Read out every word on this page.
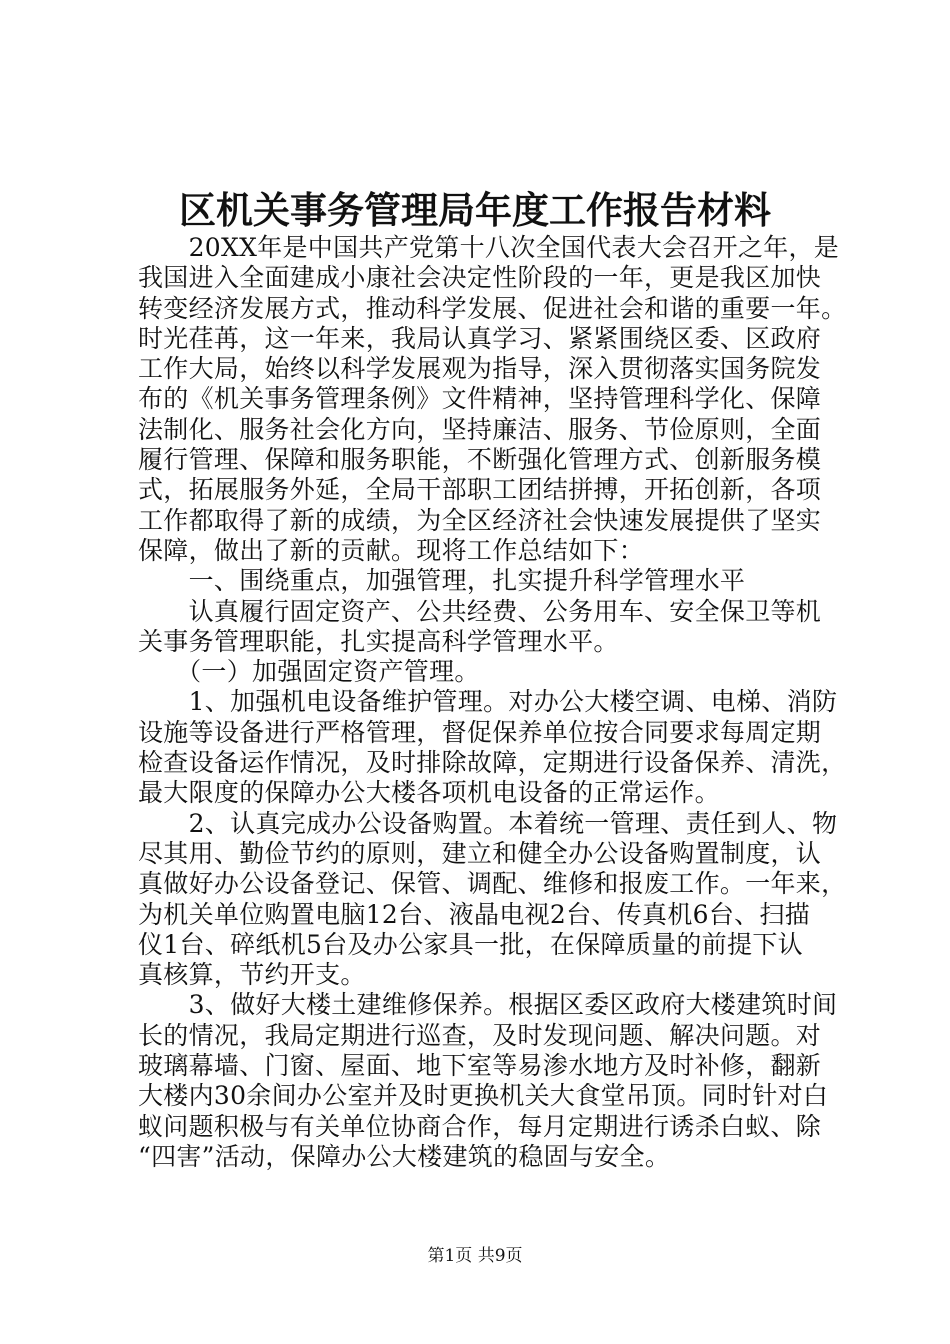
区机关事务管理局年度工作报告材料
　　20XX年是中国共产党第十八次全国代表大会召开之年，是
我国进入全面建成小康社会决定性阶段的一年，更是我区加快
转变经济发展方式，推动科学发展、促进社会和谐的重要一年。
时光荏苒，这一年来，我局认真学习、紧紧围绕区委、区政府
工作大局，始终以科学发展观为指导，深入贯彻落实国务院发
布的《机关事务管理条例》文件精神，坚持管理科学化、保障
法制化、服务社会化方向，坚持廉洁、服务、节俭原则，全面
履行管理、保障和服务职能，不断强化管理方式、创新服务模
式，拓展服务外延，全局干部职工团结拼搏，开拓创新，各项
工作都取得了新的成绩，为全区经济社会快速发展提供了坚实
保障，做出了新的贡献。现将工作总结如下：
　　一、围绕重点，加强管理，扎实提升科学管理水平
　　认真履行固定资产、公共经费、公务用车、安全保卫等机
关事务管理职能，扎实提高科学管理水平。
　　（一）加强固定资产管理。
　　1、加强机电设备维护管理。对办公大楼空调、电梯、消防
设施等设备进行严格管理，督促保养单位按合同要求每周定期
检查设备运作情况，及时排除故障，定期进行设备保养、清洗，
最大限度的保障办公大楼各项机电设备的正常运作。
　　2、认真完成办公设备购置。本着统一管理、责任到人、物
尽其用、勤俭节约的原则，建立和健全办公设备购置制度，认
真做好办公设备登记、保管、调配、维修和报废工作。一年来，
为机关单位购置电脑12台、液晶电视2台、传真机6台、扫描
仪1台、碎纸机5台及办公家具一批，在保障质量的前提下认
真核算，节约开支。
　　3、做好大楼土建维修保养。根据区委区政府大楼建筑时间
长的情况，我局定期进行巡查，及时发现问题、解决问题。对
玻璃幕墙、门窗、屋面、地下室等易渗水地方及时补修，翻新
大楼内30余间办公室并及时更换机关大食堂吊顶。同时针对白
蚁问题积极与有关单位协商合作，每月定期进行诱杀白蚁、除
“四害”活动，保障办公大楼建筑的稳固与安全。
第1页 共9页
